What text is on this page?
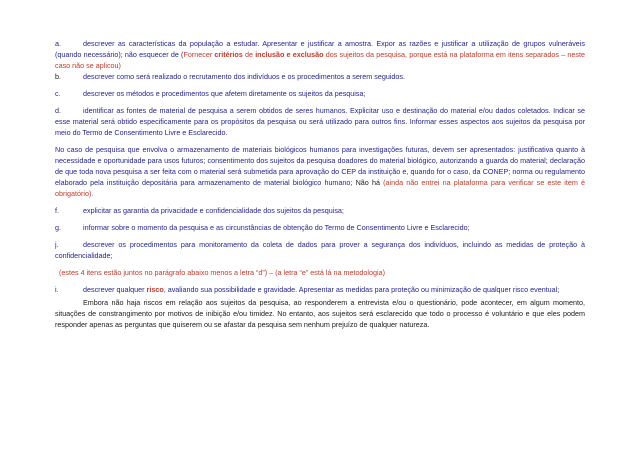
a.	descrever as características da população a estudar. Apresentar e justificar a amostra. Expor as razões e justificar a utilização de grupos vulneráveis (quando necessário); não esquecer de (Fornecer critérios de inclusão e exclusão dos sujeitos da pesquisa, porque está na plataforma em itens separados – neste caso não se aplicou)

b.	descrever como será realizado o recrutamento dos indivíduos e os procedimentos a serem seguidos.

c.	descrever os métodos e procedimentos que afetem diretamente os sujeitos da pesquisa;

d.	identificar as fontes de material de pesquisa a serem obtidos de seres humanos. Explicitar uso e destinação do material e/ou dados coletados. Indicar se esse material será obtido especificamente para os propósitos da pesquisa ou será utilizado para outros fins. Informar esses aspectos aos sujeitos da pesquisa por meio do Termo de Consentimento Livre e Esclarecido.

No caso de pesquisa que envolva o armazenamento de materiais biológicos humanos para investigações futuras, devem ser apresentados: justificativa quanto à necessidade e oportunidade para usos futuros; consentimento dos sujeitos da pesquisa doadores do material biológico, autorizando a guarda do material; declaração de que toda nova pesquisa a ser feita com o material será submetida para aprovação do CEP da instituição e, quando for o caso, da CONEP; norma ou regulamento elaborado pela instituição depositária para armazenamento de material biológico humano; Não há (ainda não entrei na plataforma para verificar se este item é obrigatório).

f.	explicitar as garantia da privacidade e confidencialidade dos sujeitos da pesquisa;

g.	informar sobre o momento da pesquisa e as circunstâncias de obtenção do Termo de Consentimento Livre e Esclarecido;

j.	descrever os procedimentos para monitoramento da coleta de dados para prover a segurança dos indivíduos, incluindo as medidas de proteção à confidencialidade;

(estes 4 itens estão juntos no parágrafo abaixo menos a letra “d”) – (a letra “e” está lá na metodologia)

i.	descrever qualquer risco, avaliando sua possibilidade e gravidade. Apresentar as medidas para proteção ou minimização de qualquer risco eventual;

Embora não haja riscos em relação aos sujeitos da pesquisa, ao responderem a entrevista e/ou o questionário, pode acontecer, em algum momento, situações de constrangimento por motivos de inibição e/ou timidez. No entanto, aos sujeitos será esclarecido que todo o processo é voluntário e que eles podem responder apenas as perguntas que quiserem ou se afastar da pesquisa sem nenhum prejuízo de qualquer natureza.
